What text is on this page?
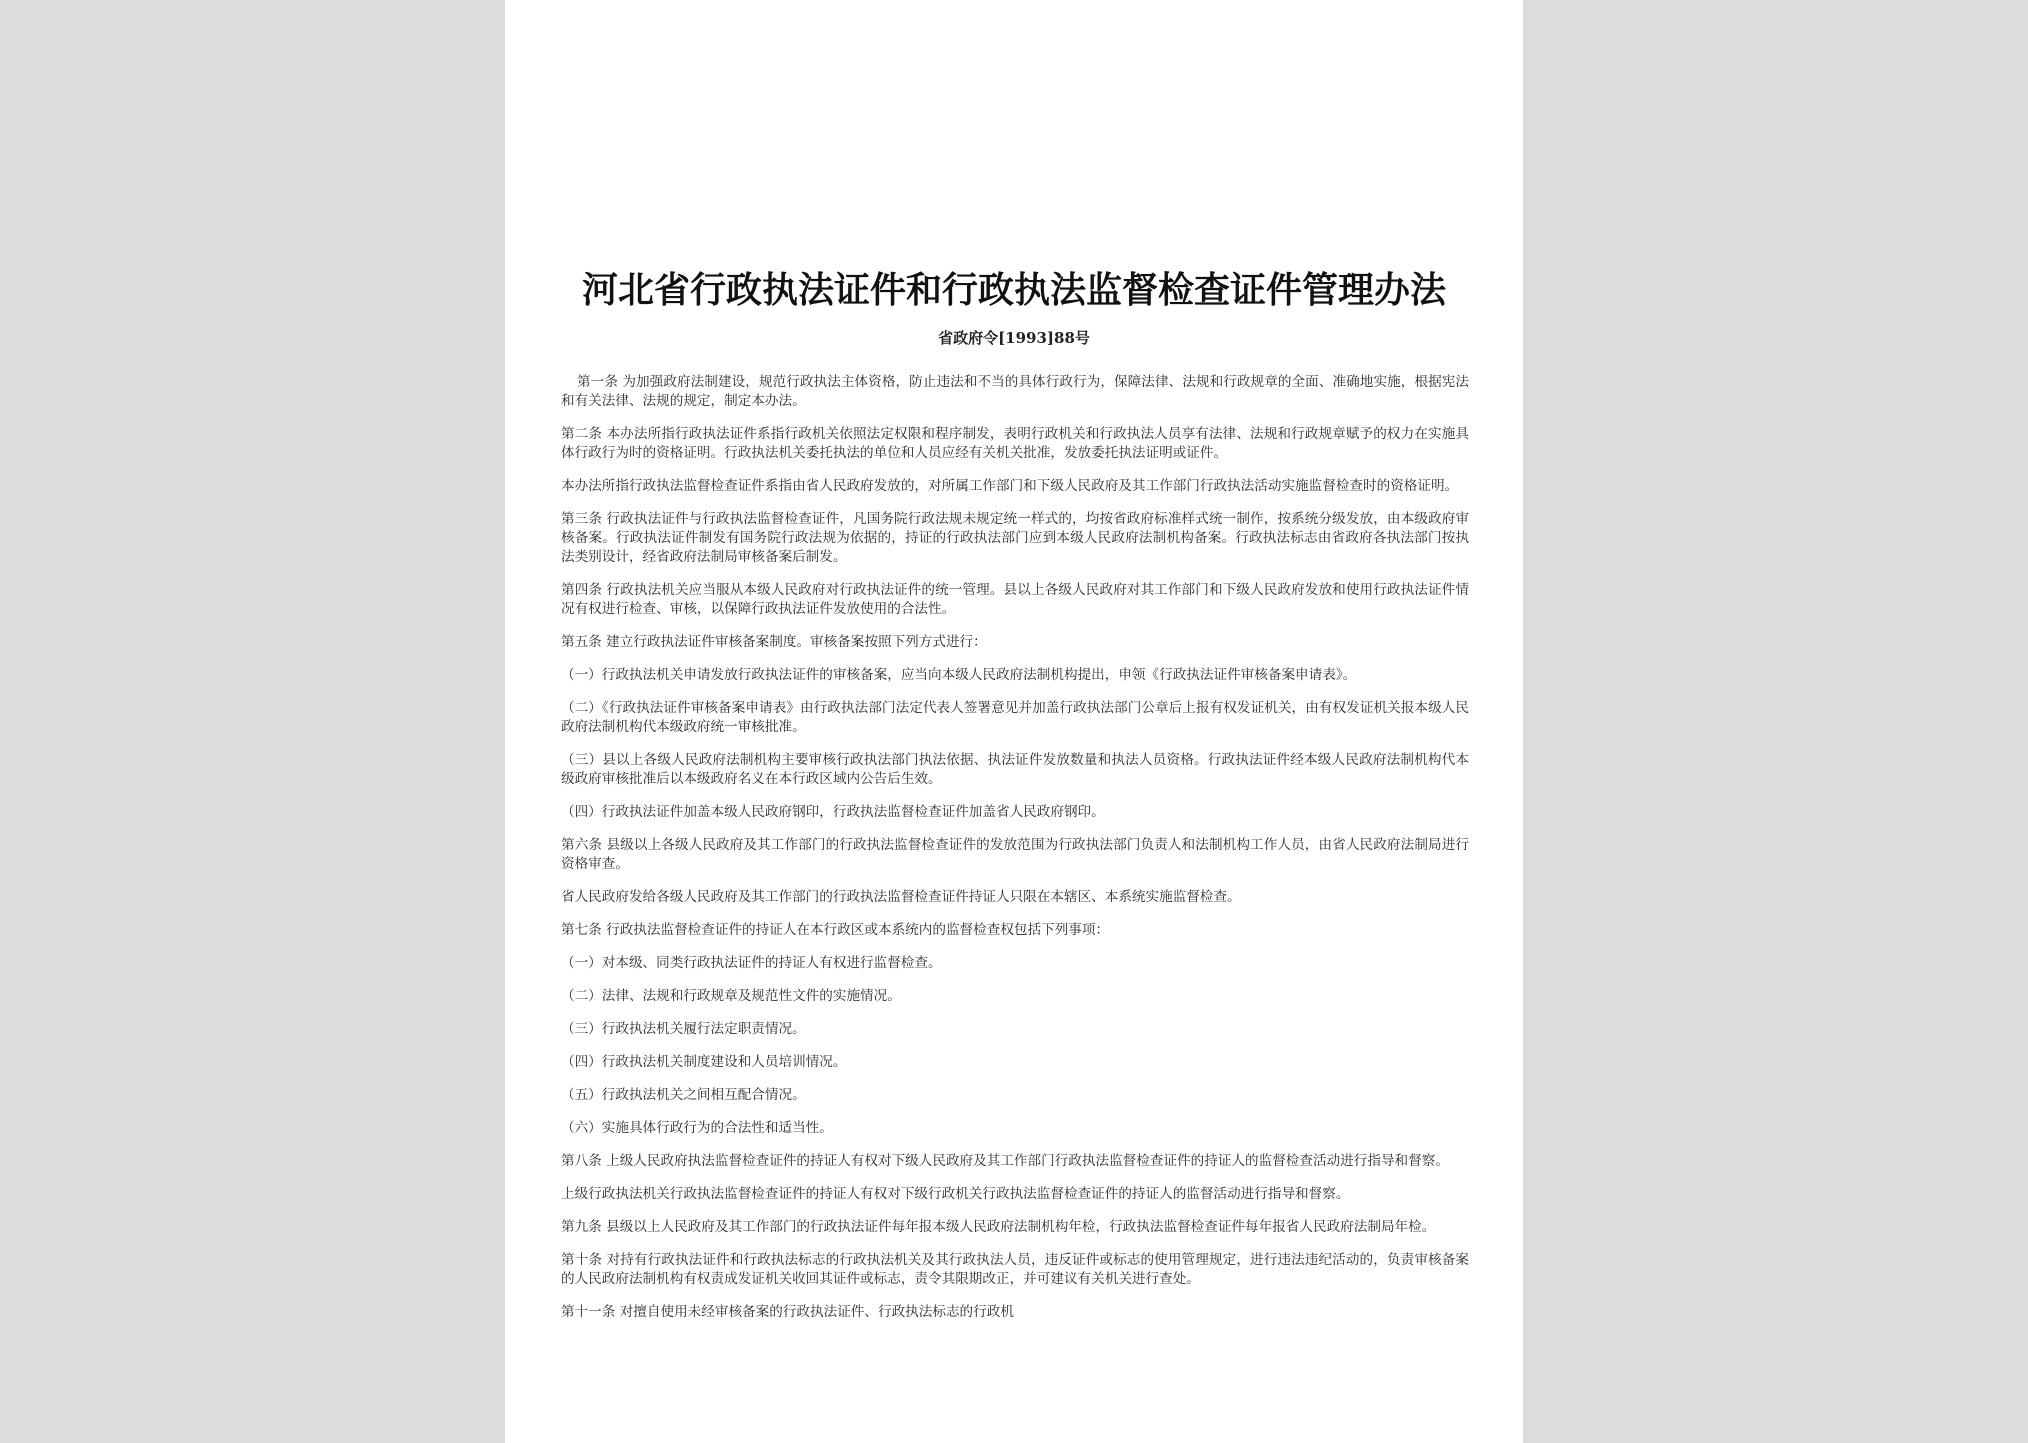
河北省行政执法证件和行政执法监督检查证件管理办法
省政府令[1993]88号

第一条 为加强政府法制建设，规范行政执法主体资格，防止违法和不当的具体行政行为，保障法律、法规和行政规章的全面、准确地实施，根据宪法和有关法律、法规的规定，制定本办法。

第二条 本办法所指行政执法证件系指行政机关依照法定权限和程序制发，表明行政机关和行政执法人员享有法律、法规和行政规章赋予的权力在实施具体行政行为时的资格证明。行政执法机关委托执法的单位和人员应经有关机关批准，发放委托执法证明或证件。

本办法所指行政执法监督检查证件系指由省人民政府发放的，对所属工作部门和下级人民政府及其工作部门行政执法活动实施监督检查时的资格证明。

第三条 行政执法证件与行政执法监督检查证件，凡国务院行政法规未规定统一样式的，均按省政府标准样式统一制作，按系统分级发放，由本级政府审核备案。行政执法证件制发有国务院行政法规为依据的，持证的行政执法部门应到本级人民政府法制机构备案。行政执法标志由省政府各执法部门按执法类别设计，经省政府法制局审核备案后制发。

第四条 行政执法机关应当服从本级人民政府对行政执法证件的统一管理。县以上各级人民政府对其工作部门和下级人民政府发放和使用行政执法证件情况有权进行检查、审核，以保障行政执法证件发放使用的合法性。

第五条 建立行政执法证件审核备案制度。审核备案按照下列方式进行：

（一）行政执法机关申请发放行政执法证件的审核备案，应当向本级人民政府法制机构提出，申领《行政执法证件审核备案申请表》。

（二）《行政执法证件审核备案申请表》由行政执法部门法定代表人签署意见并加盖行政执法部门公章后上报有权发证机关，由有权发证机关报本级人民政府法制机构代本级政府统一审核批准。

（三）县以上各级人民政府法制机构主要审核行政执法部门执法依据、执法证件发放数量和执法人员资格。行政执法证件经本级人民政府法制机构代本级政府审核批准后以本级政府名义在本行政区域内公告后生效。

（四）行政执法证件加盖本级人民政府钢印，行政执法监督检查证件加盖省人民政府钢印。

第六条 县级以上各级人民政府及其工作部门的行政执法监督检查证件的发放范围为行政执法部门负责人和法制机构工作人员，由省人民政府法制局进行资格审查。

省人民政府发给各级人民政府及其工作部门的行政执法监督检查证件持证人只限在本辖区、本系统实施监督检查。

第七条 行政执法监督检查证件的持证人在本行政区或本系统内的监督检查权包括下列事项：

（一）对本级、同类行政执法证件的持证人有权进行监督检查。

（二）法律、法规和行政规章及规范性文件的实施情况。

（三）行政执法机关履行法定职责情况。

（四）行政执法机关制度建设和人员培训情况。

（五）行政执法机关之间相互配合情况。

（六）实施具体行政行为的合法性和适当性。

第八条 上级人民政府执法监督检查证件的持证人有权对下级人民政府及其工作部门行政执法监督检查证件的持证人的监督检查活动进行指导和督察。

上级行政执法机关行政执法监督检查证件的持证人有权对下级行政机关行政执法监督检查证件的持证人的监督活动进行指导和督察。

第九条 县级以上人民政府及其工作部门的行政执法证件每年报本级人民政府法制机构年检，行政执法监督检查证件每年报省人民政府法制局年检。

第十条 对持有行政执法证件和行政执法标志的行政执法机关及其行政执法人员，违反证件或标志的使用管理规定，进行违法违纪活动的，负责审核备案的人民政府法制机构有权责成发证机关收回其证件或标志，责令其限期改正，并可建议有关机关进行查处。

第十一条 对擅自使用未经审核备案的行政执法证件、行政执法标志的行政机
